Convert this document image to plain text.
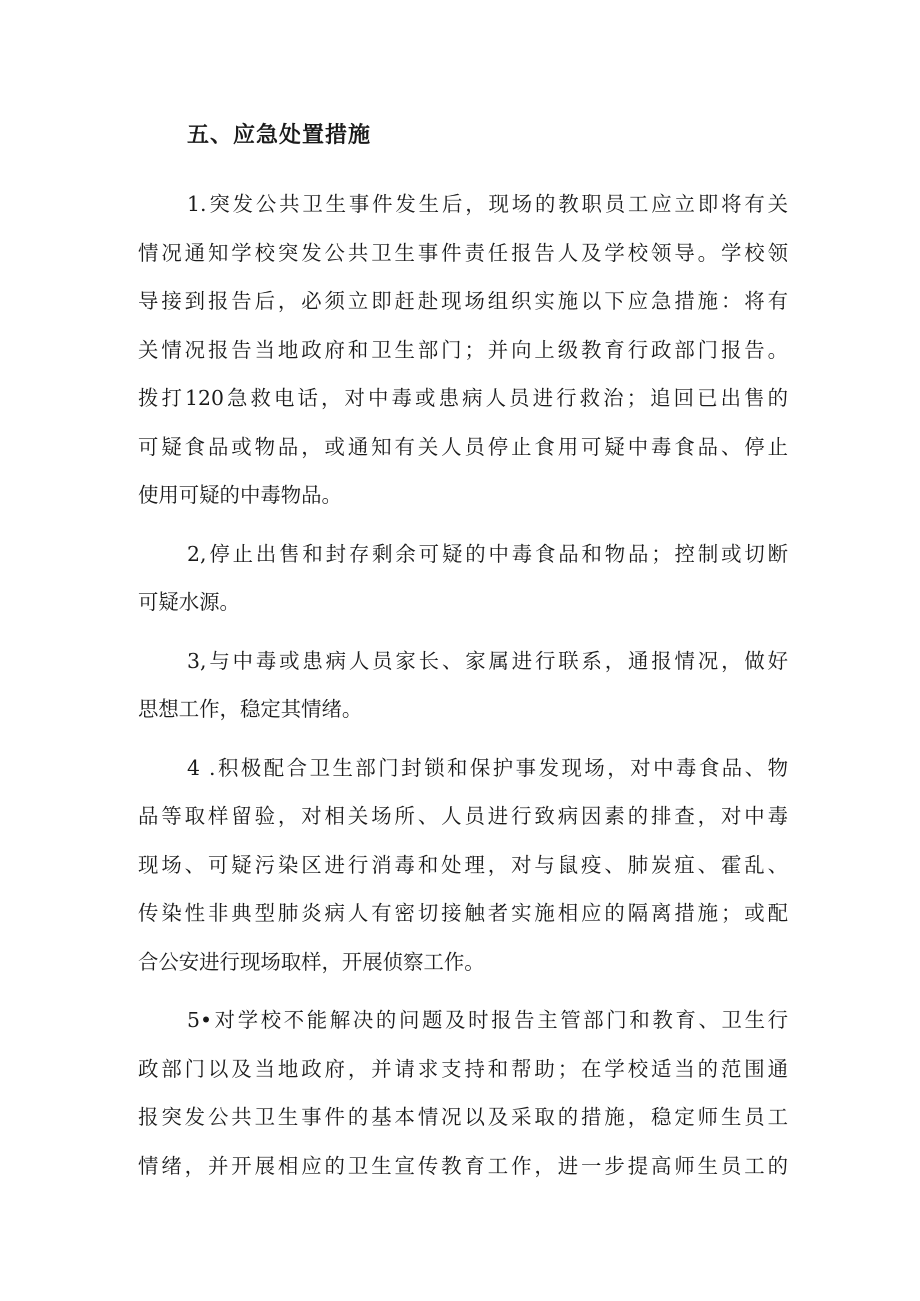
五、应急处置措施
1.突发公共卫生事件发生后，现场的教职员工应立即将有关
情况通知学校突发公共卫生事件责任报告人及学校领导。学校领
导接到报告后，必须立即赶赴现场组织实施以下应急措施：将有
关情况报告当地政府和卫生部门；并向上级教育行政部门报告。
拨打120急救电话，对中毒或患病人员进行救治；追回已出售的
可疑食品或物品，或通知有关人员停止食用可疑中毒食品、停止
使用可疑的中毒物品。
2,停止出售和封存剩余可疑的中毒食品和物品；控制或切断
可疑水源。
3,与中毒或患病人员家长、家属进行联系，通报情况，做好
思想工作，稳定其情绪。
4 .积极配合卫生部门封锁和保护事发现场，对中毒食品、物
品等取样留验，对相关场所、人员进行致病因素的排查，对中毒
现场、可疑污染区进行消毒和处理，对与鼠疫、肺炭疽、霍乱、
传染性非典型肺炎病人有密切接触者实施相应的隔离措施；或配
合公安进行现场取样，开展侦察工作。
5•对学校不能解决的问题及时报告主管部门和教育、卫生行
政部门以及当地政府，并请求支持和帮助；在学校适当的范围通
报突发公共卫生事件的基本情况以及采取的措施，稳定师生员工
情绪，并开展相应的卫生宣传教育工作，进一步提高师生员工的
